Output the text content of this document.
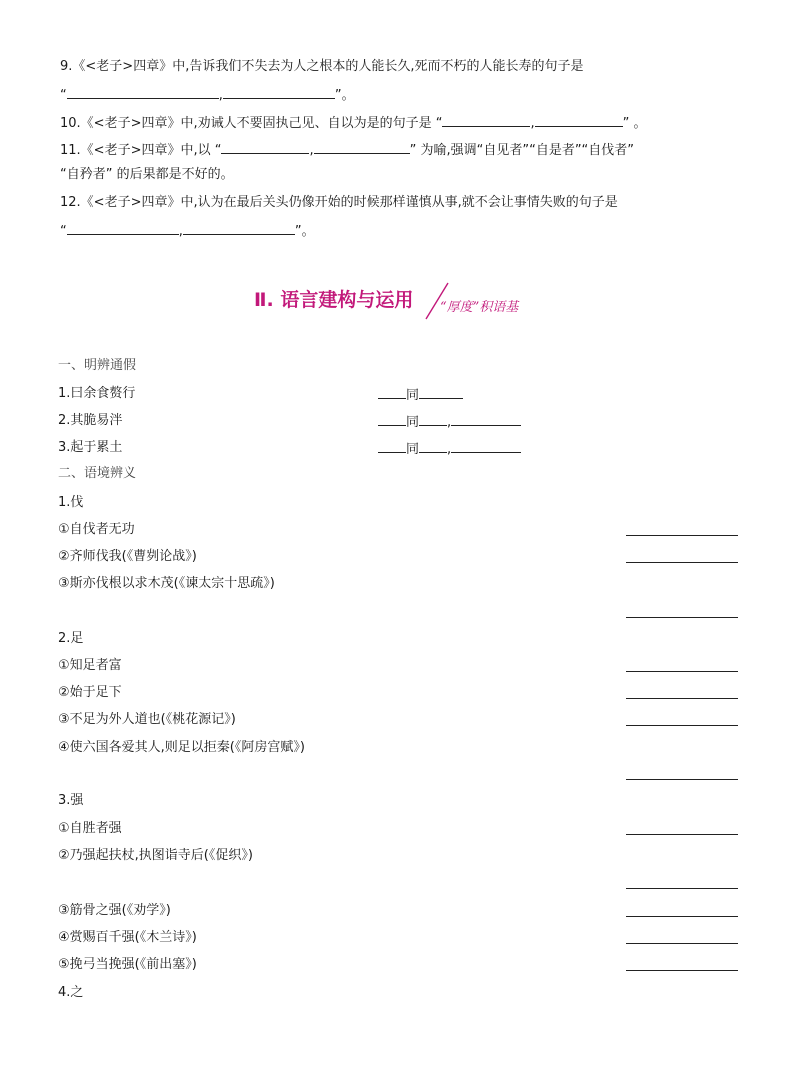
9.《<老子>四章》中,告诉我们不失去为人之根本的人能长久,死而不朽的人能长寿的句子是
“	,	”。
10.《<老子>四章》中,劝诫人不要固执己见、自以为是的句子是 “	,	” 。
11.《<老子>四章》中,以 “	,	” 为喻,强调“自见者”“自是者”“自伐者”
“自矜者” 的后果都是不好的。
12.《<老子>四章》中,认为在最后关头仍像开始的时候那样谨慎从事,就不会让事情失败的句子是
“	,	”。
Ⅱ. 语言建构与运用 “厚度”积语基
一、明辨通假
1.曰余食赘行	同
2.其脆易泮	同 ,
3.起于累土	同 ,
二、语境辨义
1.伐
①自伐者无功
②齐师伐我(《曹刿论战》)
③斯亦伐根以求木茂(《谏太宗十思疏》)
2.足
①知足者富
②始于足下
③不足为外人道也(《桃花源记》)
④使六国各爱其人,则足以拒秦(《阿房宫赋》)
3.强
①自胜者强
②乃强起扶杖,执图诣寺后(《促织》)
③筋骨之强(《劝学》)
④赏赐百千强(《木兰诗》)
⑤挽弓当挽强(《前出塞》)
4.之
